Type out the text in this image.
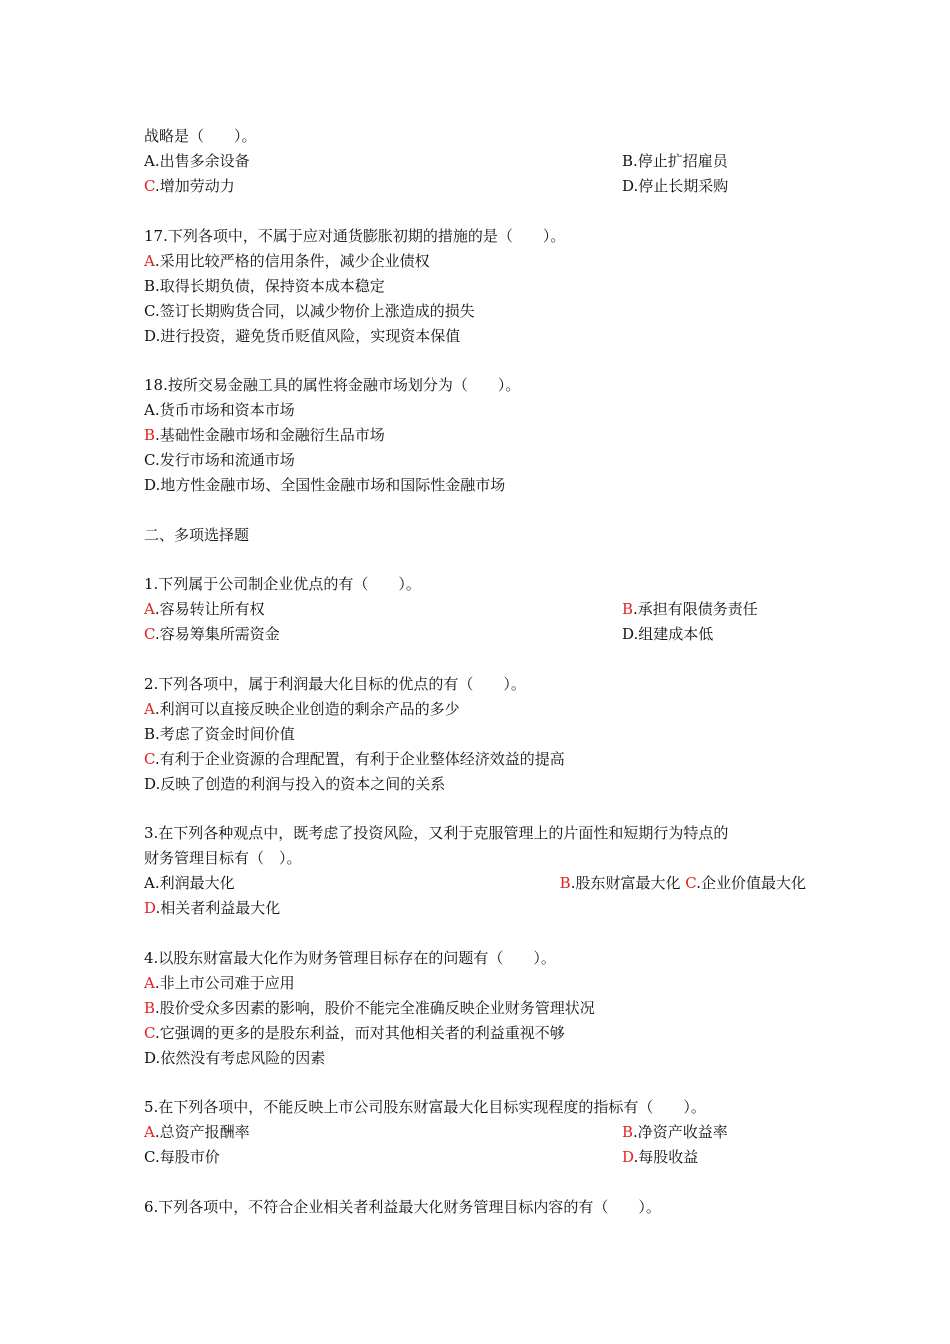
战略是（　　）。
A.出售多余设备	B.停止扩招雇员
C.增加劳动力	D.停止长期采购
17.下列各项中，不属于应对通货膨胀初期的措施的是（　　）。
A.采用比较严格的信用条件，减少企业债权
B.取得长期负债，保持资本成本稳定
C.签订长期购货合同，以减少物价上涨造成的损失
D.进行投资，避免货币贬值风险，实现资本保值
18.按所交易金融工具的属性将金融市场划分为（　　）。
A.货币市场和资本市场
B.基础性金融市场和金融衍生品市场
C.发行市场和流通市场
D.地方性金融市场、全国性金融市场和国际性金融市场
二、多项选择题
1.下列属于公司制企业优点的有（　　）。
A.容易转让所有权	B.承担有限债务责任
C.容易筹集所需资金	D.组建成本低
2.下列各项中，属于利润最大化目标的优点的有（　　）。
A.利润可以直接反映企业创造的剩余产品的多少
B.考虑了资金时间价值
C.有利于企业资源的合理配置，有利于企业整体经济效益的提高
D.反映了创造的利润与投入的资本之间的关系
3.在下列各种观点中，既考虑了投资风险，又利于克服管理上的片面性和短期行为特点的
财务管理目标有（　）。
A.利润最大化	B.股东财富最大化 C.企业价值最大化
D.相关者利益最大化
4.以股东财富最大化作为财务管理目标存在的问题有（　　）。
A.非上市公司难于应用
B.股价受众多因素的影响，股价不能完全准确反映企业财务管理状况
C.它强调的更多的是股东利益，而对其他相关者的利益重视不够
D.依然没有考虑风险的因素
5.在下列各项中，不能反映上市公司股东财富最大化目标实现程度的指标有（　　）。
A.总资产报酬率	B.净资产收益率
C.每股市价	D.每股收益
6.下列各项中，不符合企业相关者利益最大化财务管理目标内容的有（　　）。
